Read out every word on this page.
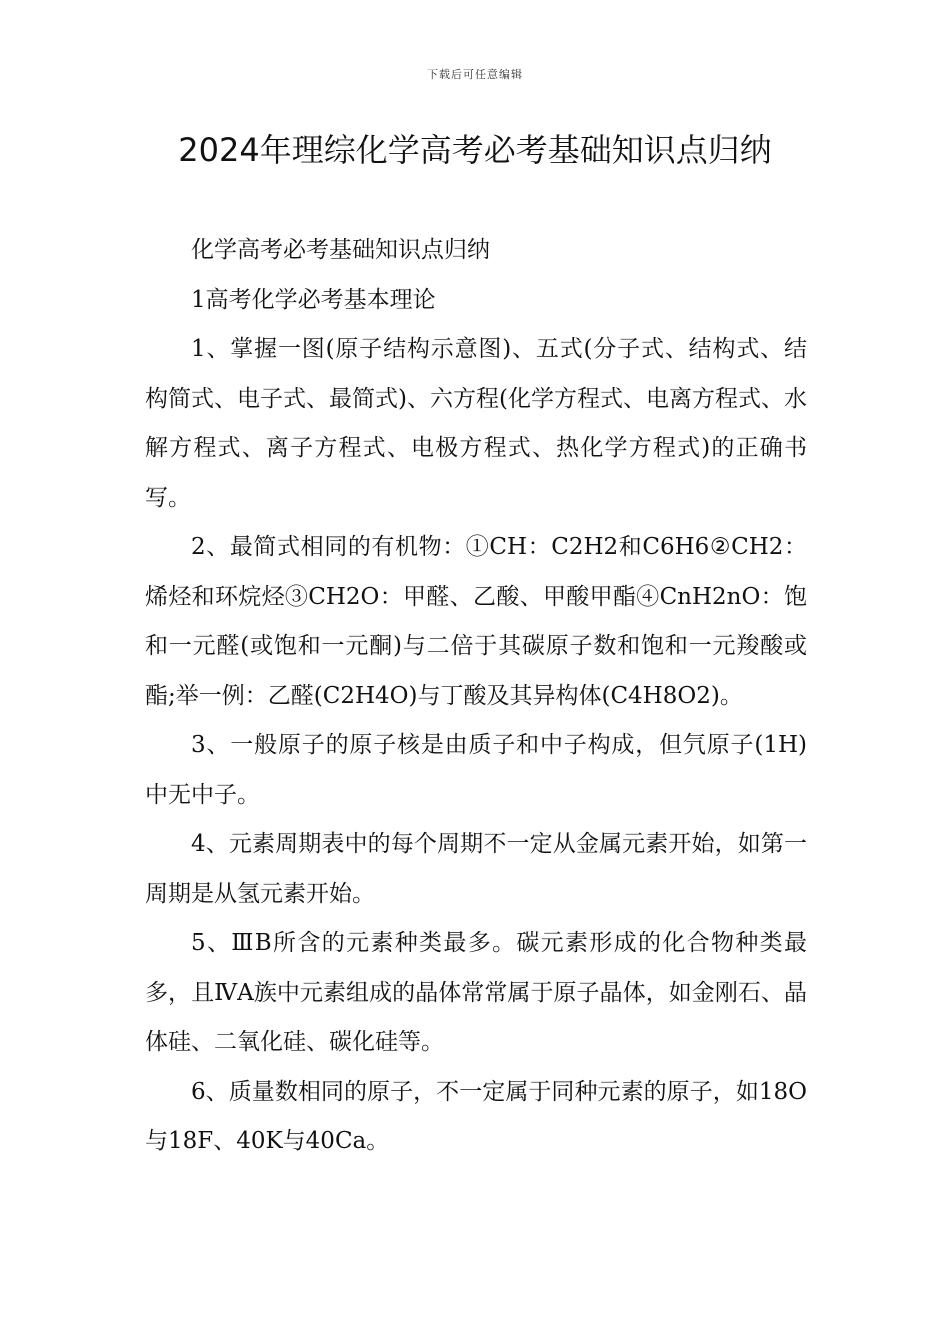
下载后可任意编辑
2024年理综化学高考必考基础知识点归纳

化学高考必考基础知识点归纳

1高考化学必考基本理论

1、掌握一图(原子结构示意图)、五式(分子式、结构式、结构简式、电子式、最简式)、六方程(化学方程式、电离方程式、水解方程式、离子方程式、电极方程式、热化学方程式)的正确书写。

2、最简式相同的有机物：①CH：C2H2和C6H6②CH2：烯烃和环烷烃③CH2O：甲醛、乙酸、甲酸甲酯④CnH2nO：饱和一元醛(或饱和一元酮)与二倍于其碳原子数和饱和一元羧酸或酯;举一例：乙醛(C2H4O)与丁酸及其异构体(C4H8O2)。

3、一般原子的原子核是由质子和中子构成，但氕原子(1H)中无中子。

4、元素周期表中的每个周期不一定从金属元素开始，如第一周期是从氢元素开始。

5、ⅢB所含的元素种类最多。碳元素形成的化合物种类最多，且ⅣA族中元素组成的晶体常常属于原子晶体，如金刚石、晶体硅、二氧化硅、碳化硅等。

6、质量数相同的原子，不一定属于同种元素的原子，如18O与18F、40K与40Ca。
